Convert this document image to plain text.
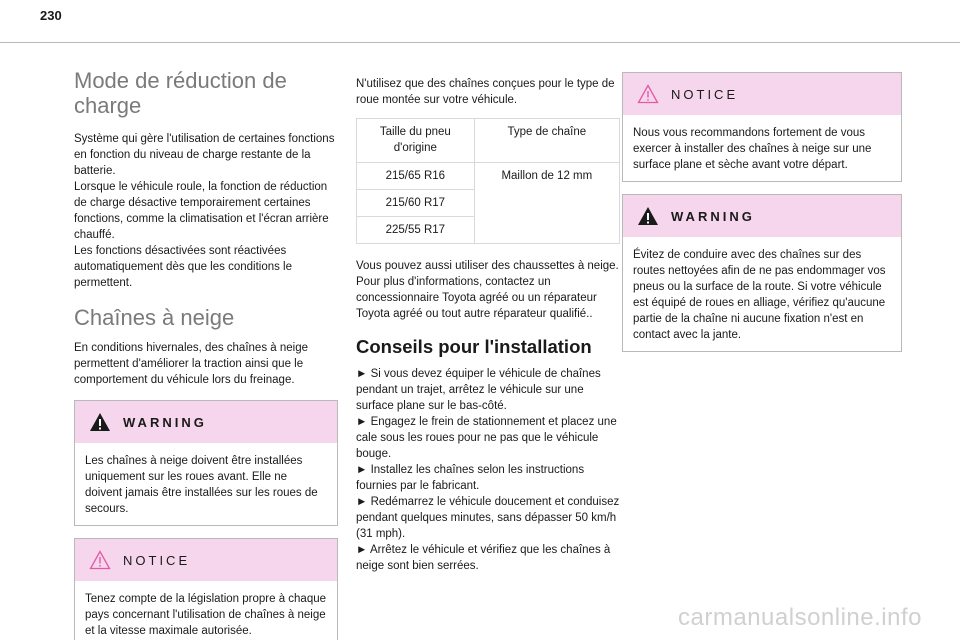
230
Mode de réduction de charge

Système qui gère l'utilisation de certaines fonctions en fonction du niveau de charge restante de la batterie.
Lorsque le véhicule roule, la fonction de réduction de charge désactive temporairement certaines fonctions, comme la climatisation et l'écran arrière chauffé.
Les fonctions désactivées sont réactivées automatiquement dès que les conditions le permettent.

Chaînes à neige

En conditions hivernales, des chaînes à neige permettent d'améliorer la traction ainsi que le comportement du véhicule lors du freinage.

WARNING
Les chaînes à neige doivent être installées uniquement sur les roues avant. Elle ne doivent jamais être installées sur les roues de secours.
NOTICE
Tenez compte de la législation propre à chaque pays concernant l'utilisation de chaînes à neige et la vitesse maximale autorisée.

N'utilisez que des chaînes conçues pour le type de roue montée sur votre véhicule.

Taille du pneu
d'origine	Type de chaîne
215/65 R16	Maillon de 12 mm
215/60 R17	
225/55 R17	

Vous pouvez aussi utiliser des chaussettes à neige.
Pour plus d'informations, contactez un concessionnaire Toyota agréé ou un réparateur Toyota agréé ou tout autre réparateur qualifié..

Conseils pour l'installation

► Si vous devez équiper le véhicule de chaînes pendant un trajet, arrêtez le véhicule sur une surface plane sur le bas-côté.
► Engagez le frein de stationnement et placez une cale sous les roues pour ne pas que le véhicule bouge.
► Installez les chaînes selon les instructions fournies par le fabricant.
► Redémarrez le véhicule doucement et conduisez pendant quelques minutes, sans dépasser 50 km/h (31 mph).
► Arrêtez le véhicule et vérifiez que les chaînes à neige sont bien serrées.

NOTICE
Nous vous recommandons fortement de vous exercer à installer des chaînes à neige sur une surface plane et sèche avant votre départ.
WARNING
Évitez de conduire avec des chaînes sur des routes nettoyées afin de ne pas endommager vos pneus ou la surface de la route. Si votre véhicule est équipé de roues en alliage, vérifiez qu'aucune partie de la chaîne ni aucune fixation n'est en contact avec la jante.
carmanualsonline.info
